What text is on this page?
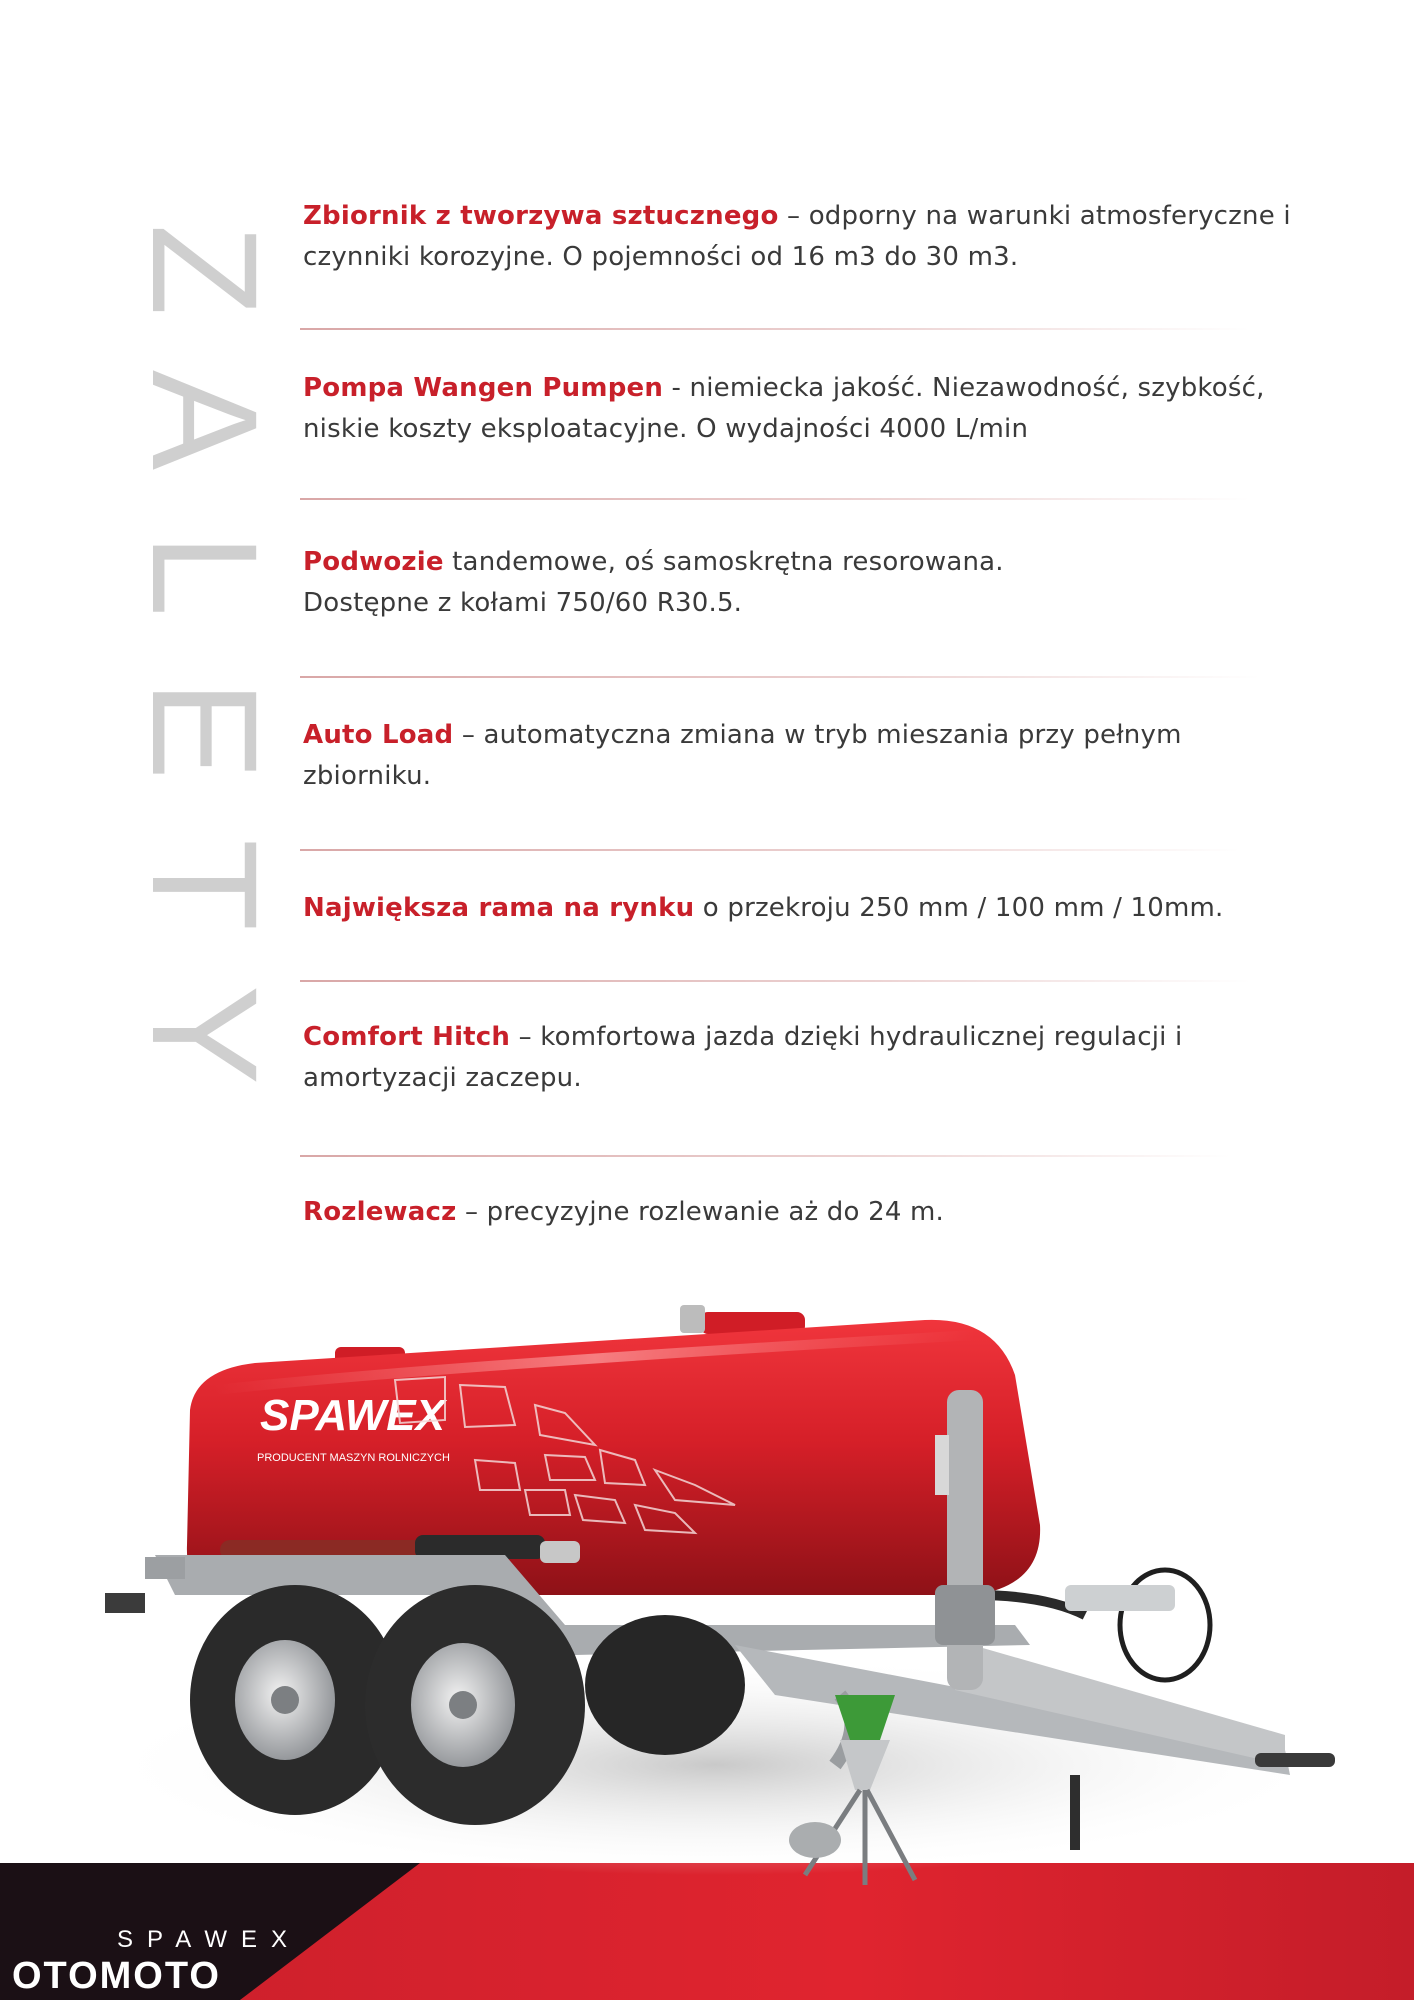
Z
A
L
E
T
Y
Zbiornik z tworzywa sztucznego – odporny na warunki atmosferyczne i czynniki korozyjne. O pojemności od 16 m3 do 30 m3.
Pompa Wangen Pumpen - niemiecka jakość. Niezawodność, szybkość, niskie koszty eksploatacyjne. O wydajności 4000 L/min
Podwozie tandemowe, oś samoskrętna resorowana. Dostępne z kołami 750/60 R30.5.
Auto Load – automatyczna zmiana w tryb mieszania przy pełnym zbiorniku.
Największa rama na rynku o przekroju 250 mm / 100 mm / 10mm.
Comfort Hitch – komfortowa jazda dzięki hydraulicznej regulacji i amortyzacji zaczepu.
Rozlewacz – precyzyjne rozlewanie aż do 24 m.
SPAWEX
PRODUCENT MASZYN ROLNICZYCH
SPAWEX
OTOMOTO
